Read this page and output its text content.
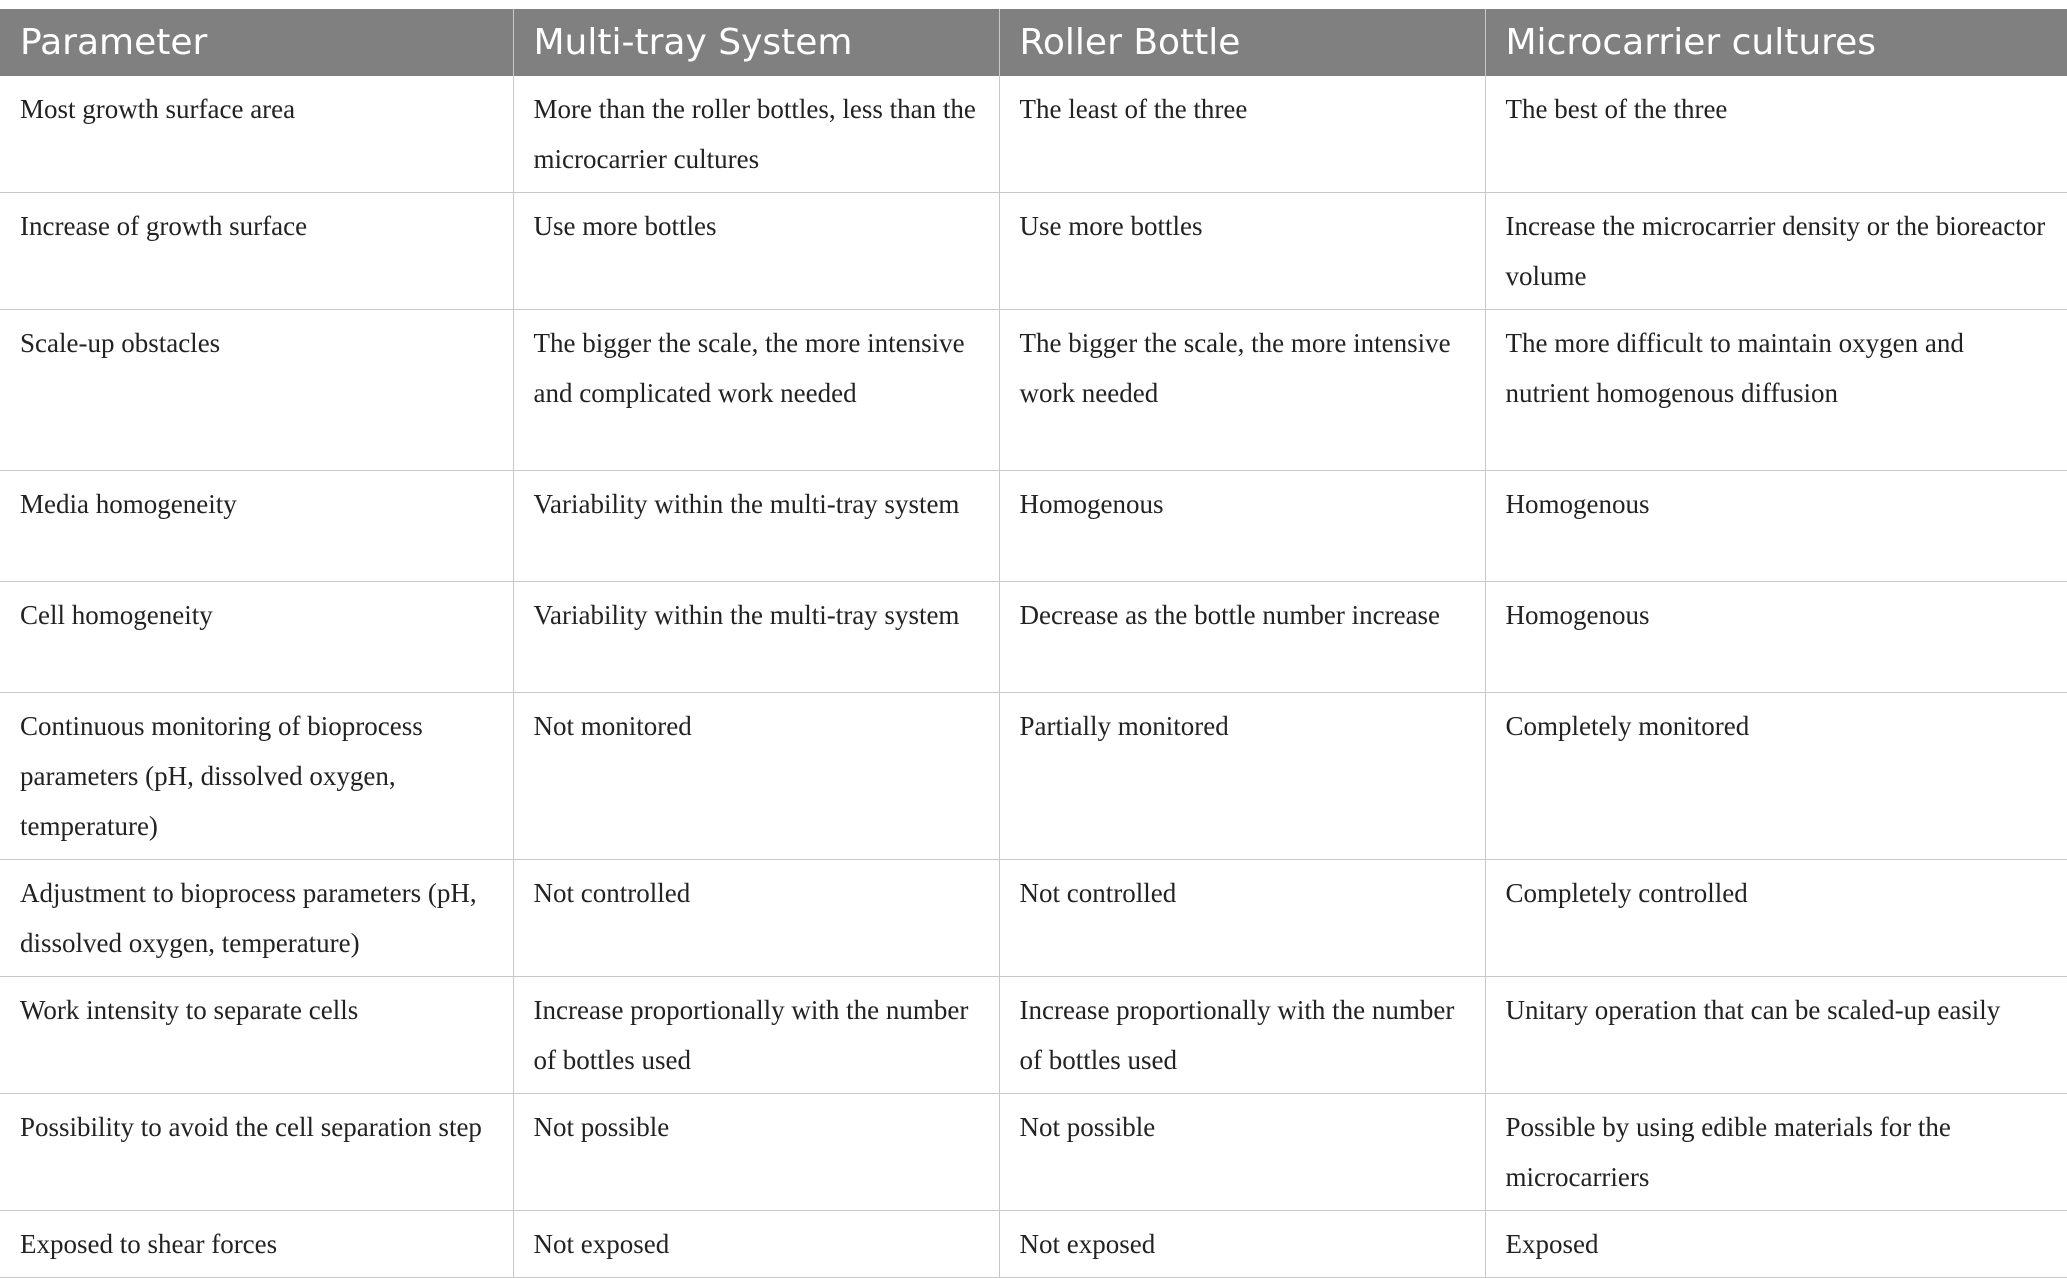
Parameter	Multi-tray System	Roller Bottle	Microcarrier cultures
Most growth surface area	More than the roller bottles, less than the microcarrier cultures	The least of the three	The best of the three
Increase of growth surface	Use more bottles	Use more bottles	Increase the microcarrier density or the bioreactor volume
Scale-up obstacles	The bigger the scale, the more intensive and complicated work needed	The bigger the scale, the more intensive work needed	The more difficult to maintain oxygen and nutrient homogenous diffusion
Media homogeneity	Variability within the multi-tray system	Homogenous	Homogenous
Cell homogeneity	Variability within the multi-tray system	Decrease as the bottle number increase	Homogenous
Continuous monitoring of bioprocess parameters (pH, dissolved oxygen, temperature)	Not monitored	Partially monitored	Completely monitored
Adjustment to bioprocess parameters (pH, dissolved oxygen, temperature)	Not controlled	Not controlled	Completely controlled
Work intensity to separate cells	Increase proportionally with the number of bottles used	Increase proportionally with the number of bottles used	Unitary operation that can be scaled-up easily
Possibility to avoid the cell separation step	Not possible	Not possible	Possible by using edible materials for the microcarriers
Exposed to shear forces	Not exposed	Not exposed	Exposed
